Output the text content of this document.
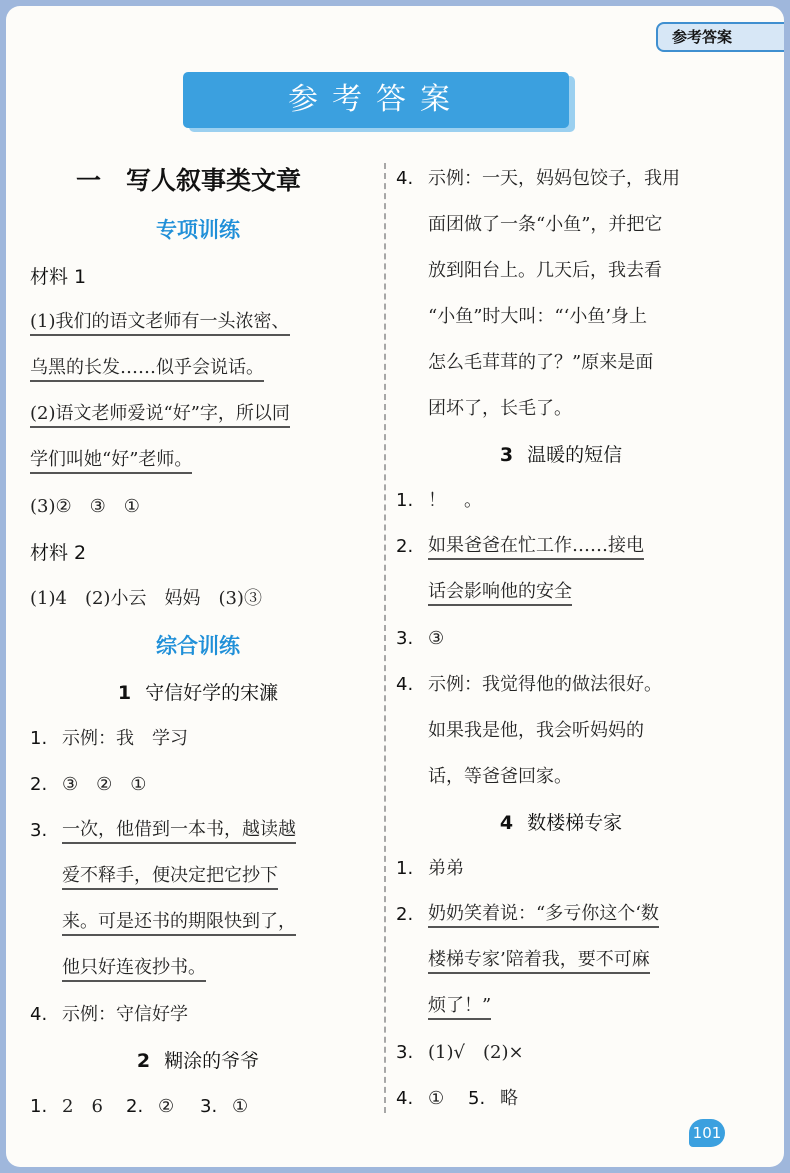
参考答案
参考答案
一　写人叙事类文章
专项训练
材料 1
(1)我们的语文老师有一头浓密、
乌黑的长发……似乎会说话。
(2)语文老师爱说“好”字，所以同
学们叫她“好”老师。
(3)②　③　①
材料 2
(1)4　(2)小云　妈妈　(3)③
综合训练
1 守信好学的宋濂
1. 示例：我　学习
2. ③　②　①
3. 一次，他借到一本书，越读越
爱不释手，便决定把它抄下
来。可是还书的期限快到了，
他只好连夜抄书。
4. 示例：守信好学
2 糊涂的爷爷
1. 2　6	2. ②	3. ①
4. 示例：一天，妈妈包饺子，我用
面团做了一条“小鱼”，并把它
放到阳台上。几天后，我去看
“小鱼”时大叫：“‘小鱼’身上
怎么毛茸茸的了？”原来是面
团坏了，长毛了。
3 温暖的短信
1. ！　。
2. 如果爸爸在忙工作……接电
话会影响他的安全
3. ③
4. 示例：我觉得他的做法很好。
如果我是他，我会听妈妈的
话，等爸爸回家。
4 数楼梯专家
1. 弟弟
2. 奶奶笑着说：“多亏你这个‘数
楼梯专家’陪着我，要不可麻
烦了！”
3. (1)√　(2)×
4. ①	5. 略
101
